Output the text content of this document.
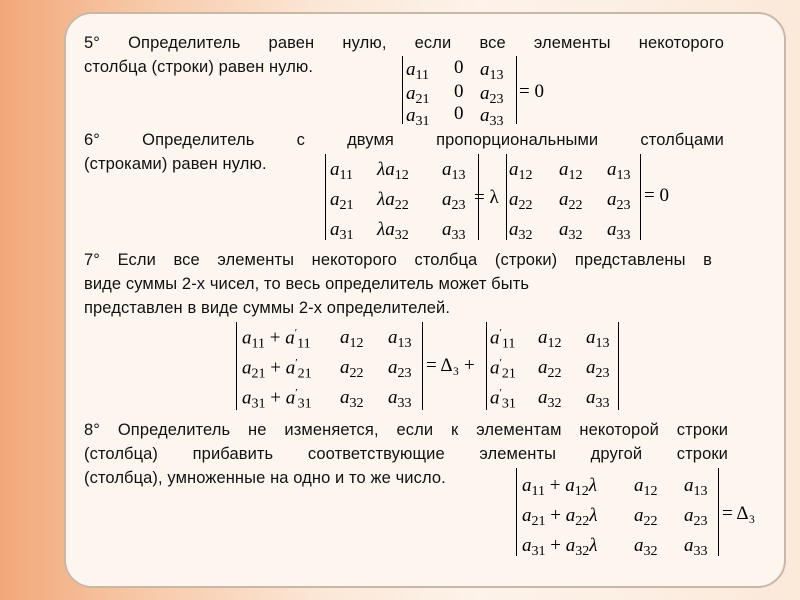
5° Определитель равен нулю, если все элементы некоторого
столбца (строки) равен нулю.	$a_{11}$ 0 $a_{13}$
$a_{21}$ 0 $a_{23} = 0$
$a_{31}$ 0 $a_{33}$
6°	Определитель с двумя пропорциональными столбцами
(строками) равен нулю.	$a_{11}$ $\lambda a_{12}$ $a_{13}$
$a_{21}$ $\lambda a_{22}$ $a_{23} = \lambda$
$a_{31}$ $\lambda a_{32}$ $a_{33}$
$a_{12}$ $a_{12}$ $a_{13}$
$a_{22}$ $a_{22}$ $a_{23} = 0$
$a_{32}$ $a_{32}$ $a_{33}$
7° Если все элементы некоторого столбца (строки) представлены в
виде суммы 2-х чисел, то весь определитель может быть
представлен в виде суммы 2-х определителей.
$a_{11} + a'_{11}$ $a_{12}$ $a_{13}$
$a_{21} + a'_{21}$ $a_{22}$ $a_{23} = \Delta_3$ +
$a_{31} + a'_{31}$ $a_{32}$ $a_{33}$
$a'_{11}$ $a_{12}$ $a_{13}$
$a'_{21}$ $a_{22}$ $a_{23}$
$a'_{31}$ $a_{32}$ $a_{33}$
8° Определитель не изменяется, если к элементам некоторой строки
(столбца) прибавить соответствующие элементы другой строки
(столбца), умноженные на одно и то же число.	$a_{11} + a_{12}\lambda$ $a_{12}$ $a_{13}$
$a_{21} + a_{22}\lambda$ $a_{22}$ $a_{23} = \Delta_3$
$a_{31} + a_{32}\lambda$ $a_{32}$ $a_{33}$
